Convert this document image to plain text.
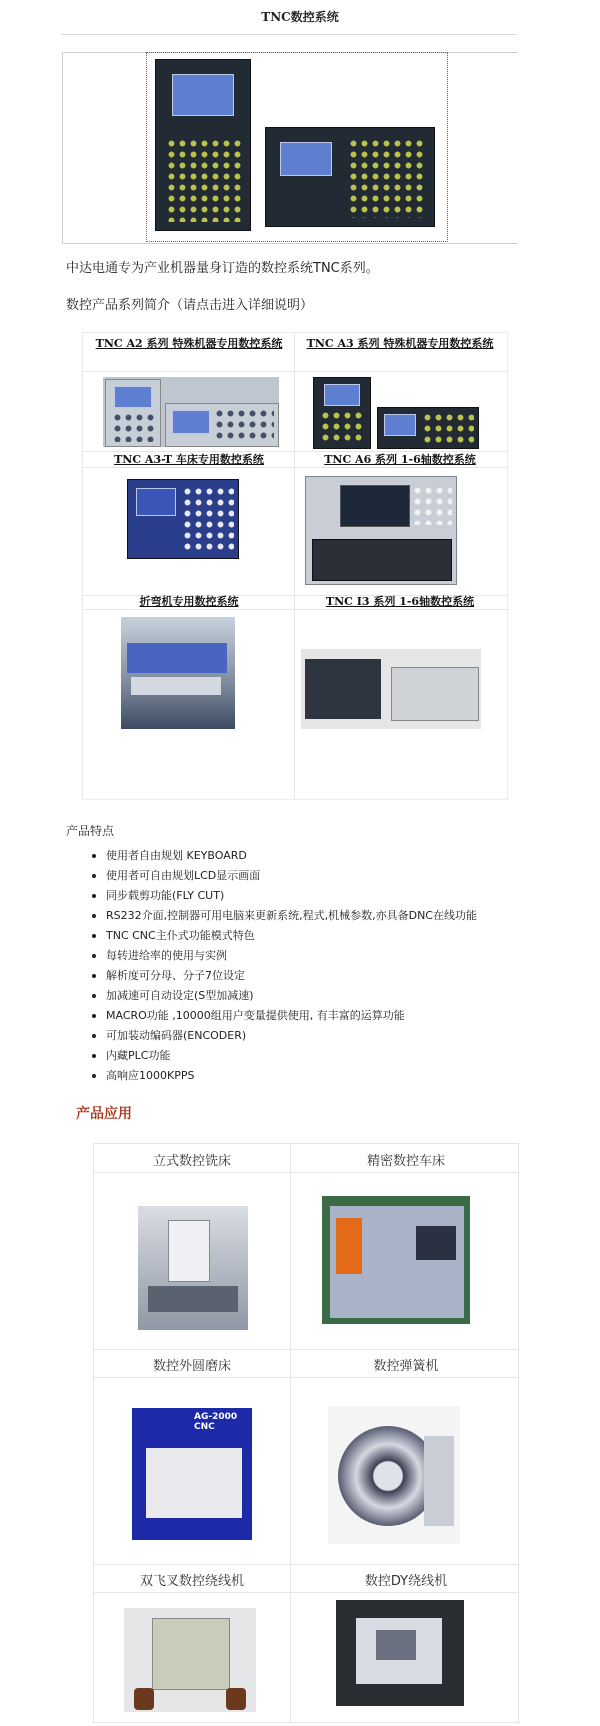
TNC数控系统
中达电通专为产业机器量身订造的数控系统TNC系列。
数控产品系列简介（请点击进入详细说明）
TNC A2 系列 特殊机器专用数控系统	TNC A3 系列 特殊机器专用数控系统
TNC A3-T 车床专用数控系统	TNC A6 系列 1-6轴数控系统
折弯机专用数控系统	TNC I3 系列 1-6轴数控系统
产品特点
使用者自由规划 KEYBOARD
使用者可自由规划LCD显示画面
同步载剪功能(FLY CUT)
RS232介面,控制器可用电脑来更新系统,程式,机械参数,亦具备DNC在线功能
TNC CNC主仆式功能模式特色
每转进给率的使用与实例
解析度可分母、分子7位设定
加减速可自动设定(S型加减速)
MACRO功能 ,10000组用户变量提供使用, 有丰富的运算功能
可加装动编码器(ENCODER)
内藏PLC功能
高响应1000KPPS
产品应用
立式数控铣床	精密数控车床
数控外圆磨床	数控弹簧机
AG-2000 CNC
双飞叉数控绕线机	数控DY绕线机
